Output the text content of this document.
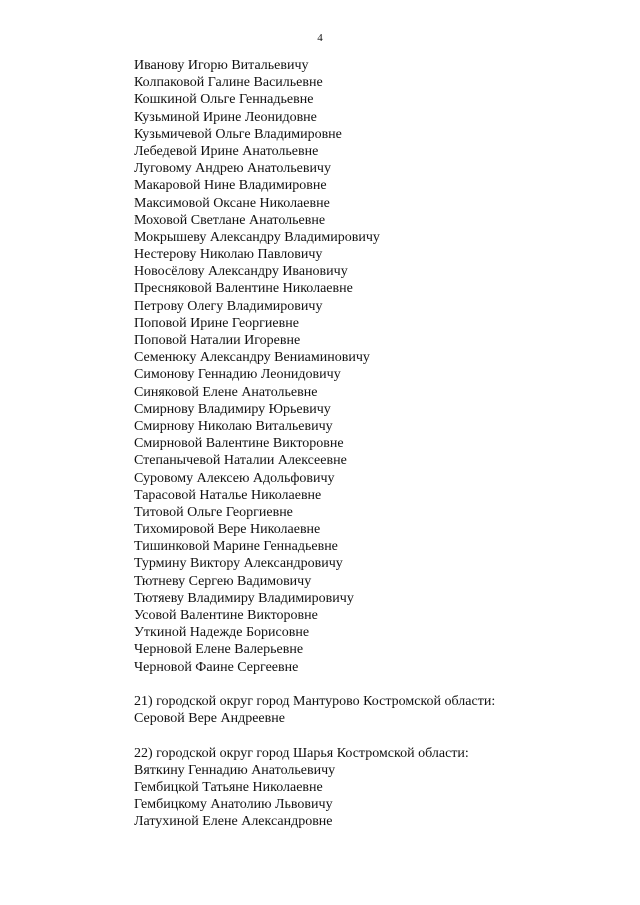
4
Иванову Игорю Витальевичу
Колпаковой Галине Васильевне
Кошкиной Ольге Геннадьевне
Кузьминой Ирине Леонидовне
Кузьмичевой Ольге Владимировне
Лебедевой Ирине Анатольевне
Луговому Андрею Анатольевичу
Макаровой Нине Владимировне
Максимовой Оксане Николаевне
Моховой Светлане Анатольевне
Мокрышеву Александру Владимировичу
Нестерову Николаю Павловичу
Новосёлову Александру Ивановичу
Пресняковой Валентине Николаевне
Петрову Олегу Владимировичу
Поповой Ирине Георгиевне
Поповой Наталии Игоревне
Семенюку Александру Вениаминовичу
Симонову Геннадию Леонидовичу
Синяковой Елене Анатольевне
Смирнову Владимиру Юрьевичу
Смирнову Николаю Витальевичу
Смирновой Валентине Викторовне
Степанычевой Наталии Алексеевне
Суровому Алексею Адольфовичу
Тарасовой Наталье Николаевне
Титовой Ольге Георгиевне
Тихомировой Вере Николаевне
Тишинковой Марине Геннадьевне
Турмину Виктору Александровичу
Тютневу Сергею Вадимовичу
Тютяеву Владимиру Владимировичу
Усовой Валентине Викторовне
Уткиной Надежде Борисовне
Черновой Елене Валерьевне
Черновой Фаине Сергеевне
21) городской округ город Мантурово Костромской области:
Серовой Вере Андреевне
22) городской округ город Шарья Костромской области:
Вяткину Геннадию Анатольевичу
Гембицкой Татьяне Николаевне
Гембицкому Анатолию Львовичу
Латухиной Елене Александровне
